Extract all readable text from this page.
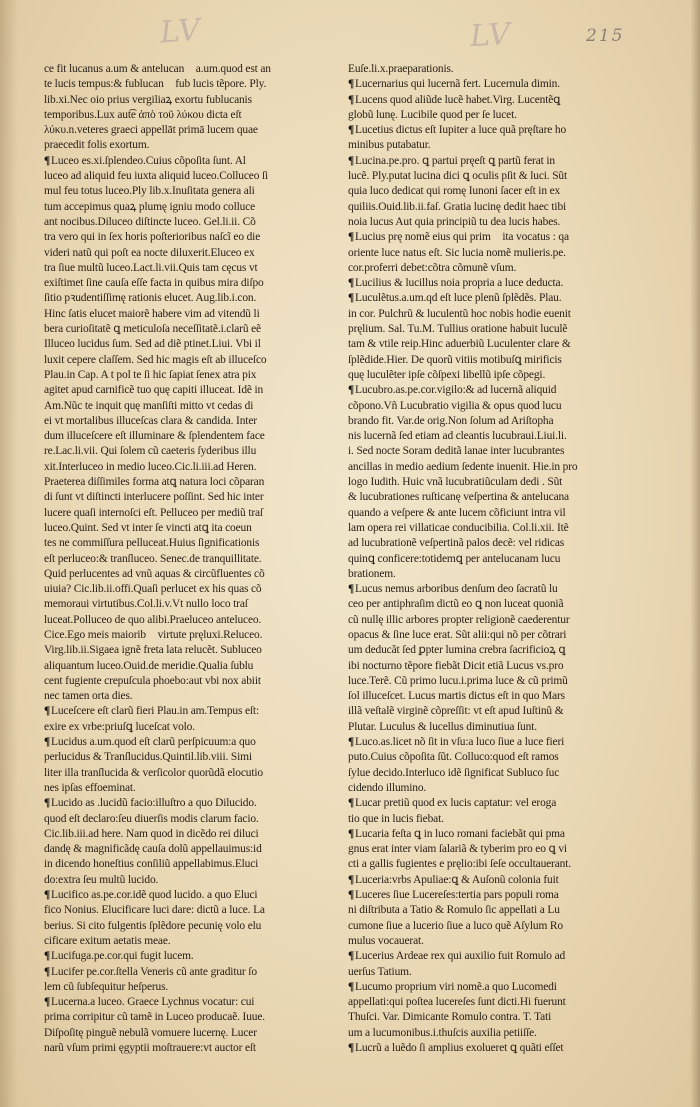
LV	LV	215
ce fit lucanus a.um & antelucan᷑ a.um.quod est an
te lucis tempus:& fublucan᷑ fub lucis tẽpore. Ply.
lib.xi.Nec oio prius vergiliaꝝ exortu fublucanis
temporibus.Lux aut͡e ἀπὸ τοῦ λύκου dicta eſt
λύκυ.n.veteres graeci appellāt primā lucem quae
praecedit folis exortum.
¶Luceo es.xi.ſplendeo.Cuius cõpoſita ſunt. Al
luceo ad aliquid feu iuxta aliquid luceo.Colluceo ſi
mul feu totus luceo.Ply lib.x.Inuſitata genera ali
tum accepimus quaꝝ plumę igniu modo colluce
ant nocibus.Diluceo diſtincte luceo. Gel.li.ii. Cõ
tra vero qui in ſex horis poſterioribus naſcĩ eo die
videri natũ qui poſt ea nocte diluxerit.Eluceo ex
tra ſiue multũ luceo.Lact.li.vii.Quis tam cęcus vt
exiſtimet ſine cauſa eſſe facta in quibus mira diſpo
ſitio pꝛudentiſſimę rationis elucet. Aug.lib.i.con.
Hinc ſatis elucet maiorẽ habere vim ad vitendũ li
bera curioſitatẽ ꝗ meticuloſa neceſſitatẽ.i.clarũ eẽ
Illuceo lucidus ſum. Sed ad diẽ ptinet.Liui. Vbi il
luxit cepere claſſem. Sed hic magis eſt ab illuceſco
Plau.in Cap. A t pol te ſi hic ſapiat ſenex atra pix
agitet apud carnificẽ tuo quę capiti illuceat. Idẽ in
Am.Nũc te inquit quę manſiſti mitto vt cedas di
ei vt mortalibus illuceſcas clara & candida. Inter
dum illuceſcere eſt illuminare & ſplendentem face
re.Lac.li.vii. Qui ſolem cũ caeteris ſyderibus illu
xit.Interluceo in medio luceo.Cic.li.iii.ad Heren.
Praeterea diſſimiles forma atꝗ natura loci cõparan
di ſunt vt diſtincti interlucere poſſint. Sed hic inter
lucere quaſi internoſci eſt. Pelluceo per mediũ traſ
luceo.Quint. Sed vt inter ſe vincti atꝗ ita coeun
tes ne commiſſura pelluceat.Huius ſignificationis
eſt perluceo:& tranſluceo. Senec.de tranquillitate.
Quid perlucentes ad vnũ aquas & circũfluentes cõ
uiuia? Cic.lib.ii.offi.Quaſi perlucet ex his quas cõ
memoraui virtutibus.Col.li.v.Vt nullo loco traſ
luceat.Polluceo de quo alibi.Praeluceo anteluceo.
Cice.Ego meis maiorib᷑ virtute pręluxi.Reluceo.
Virg.lib.ii.Sigaea ignẽ freta lata relucẽt. Subluceo
aliquantum luceo.Ouid.de meridie.Qualia ſublu
cent fugiente crepuſcula phoebo:aut vbi nox abiit
nec tamen orta dies.
¶Luceſcere eſt clarũ fieri Plau.in am.Tempus eſt:
exire ex vrbe:priuſꝗ luceſcat volo.
¶Lucidus a.um.quod eſt clarũ perſpicuum:a quo
perlucidus & Tranſlucidus.Quintil.lib.viii. Simi
liter illa tranſlucida & verſicolor quorũdã elocutio
nes ipſas effoeminat.
¶Lucido as .lucidũ facio:illuſtro a quo Dilucido.
quod eſt declaro:ſeu diuerſis modis clarum facio.
Cic.lib.iii.ad here. Nam quod in dicẽdo rei diluci
dandę & magnificãdę cauſa dolũ appellauimus:id
in dicendo honeſtius conſiliũ appellabimus.Eluci
do:extra ſeu multũ lucido.
¶Lucifico as.pe.cor.idẽ quod lucido. a quo Eluci
fico Nonius. Elucificare luci dare: dictũ a luce. La
berius. Si cito fulgentis ſplẽdore pecunię volo elu
cificare exitum aetatis meae.
¶Lucifuga.pe.cor.qui fugit lucem.
¶Lucifer pe.cor.ſtella Veneris cũ ante graditur ſo
lem cũ ſubſequitur heſperus.
¶Lucerna.a luceo. Graece Lychnus vocatur: cui᷑
prima corripitur cũ tamẽ in Luceo producaẽ. Iuue.
Diſpoſitę pinguẽ nebulã vomuere lucernę. Lucer
narũ vſum primi ęgyptii moſtrauere:vt auctor eſt
Euſe.li.x.praeparationis.
¶Lucernarius qui lucernã fert. Lucernula dimin.
¶Lucens quod aliũde lucẽ habet.Virg. Lucentẽꝗ
globũ lunę. Lucibile quod per ſe lucet.
¶Lucetius dictus eſt Iupiter a luce quã pręſtare ho
minibus putabatur.
¶Lucina.pe.pro. ꝗ partui pręeſt ꝗ partũ ferat in
lucẽ. Ply.putat lucina dici ꝗ oculis pſit & luci. Sũt
quia luco dedicat qui romę Iunoni ſacer eſt in ex
quiliis.Ouid.lib.ii.faſ. Gratia lucinę dedit haec tibi
noia lucus Aut quia principiũ tu dea lucis habes.
¶Lucius prę nomẽ eius qui prim᷑ ita vocatus : qa
oriente luce natus eſt. Sic lucia nomẽ mulieris.pe.
cor.proferri debet:cõtra cõmunẽ vſum.
¶Lucilius & lucillus noia propria a luce deducta.
¶Luculẽtus.a.um.qd eſt luce plenũ ſplẽdẽs. Plau.
in cor. Pulchrũ & luculentũ hoc nobis hodie euenit
pręlium. Sal. Tu.M. Tullius oratione habuit luculẽ
tam & vtile reip.Hinc aduerbiũ Luculenter clare &
ſplẽdide.Hier. De quorũ vitiis motibuſꝗ mirificis
quę luculẽter ipſe cõſpexi libellũ ipſe cõpegi.
¶Lucubro.as.pe.cor.vigilo:& ad lucernã aliquid
cõpono.Vñ Lucubratio vigilia & opus quod lucu
brando fit. Var.de orig.Non ſolum ad Ariſtopha
nis lucernã ſed etiam ad cleantis lucubraui.Liui.li.
i. Sed nocte Soram deditã lanae inter lucubrantes
ancillas in medio aedium ſedente inuenit. Hie.in pro
logo Iudith. Huic vnã lucubratiũculam dedi . Sũt
& lucubrationes ruſticanę veſpertina & antelucana
quando a veſpere & ante lucem cõficiunt intra vil
lam opera rei villaticae conducibilia. Col.li.xii. Itẽ
ad lucubrationẽ veſpertinã palos decẽ: vel ridicas
quinꝗ conficere:totidemꝗ per antelucanam lucu
brationem.
¶Lucus nemus arboribus denſum deo ſacratũ lu
ceo per antiphraſim dictũ eo ꝗ non luceat quoniã
cũ nullę illic arbores propter religionẽ caederentur
opacus & ſine luce erat. Sũt alii:qui nõ per cõtrari
um deducãt ſed ꝑpter lumina crebra ſacrificioꝝ ꝗ
ibi nocturno tẽpore fiebãt Dicit etiã Lucus vs.pro
luce.Terẽ. Cũ primo lucu.i.prima luce & cũ primũ
ſol illuceſcet. Lucus martis dictus eſt in quo Mars
illã veſtalẽ virginẽ cõpreſſit: vt eſt apud Iuſtinũ &
Plutar. Luculus & lucellus diminutiua ſunt.
¶Luco.as.licet nõ ſit in vſu:a luco ſiue a luce fieri
puto.Cuius cõpoſita ſũt. Colluco:quod eſt ramos
ſylue decido.Interluco idẽ ſignificat Subluco ſuc
cidendo illumino.
¶Lucar pretiũ quod ex lucis captatur: vel eroga
tio que in lucis fiebat.
¶Lucaria feſta ꝗ in luco romani faciebãt qui pma
gnus erat inter viam ſalariã & tyberim pro eo ꝗ vi
cti a gallis fugientes e pręlio:ibi ſeſe occultauerant.
¶Luceria:vrbs Apuliae:ꝗ & Auſonũ colonia fuit
¶Luceres ſiue Lucereſes:tertia pars populi roma
ni diſtributa a Tatio & Romulo ſic appellati a Lu
cumone ſiue a lucerio ſiue a luco quẽ Aſylum Ro
mulus vocauerat.
¶Lucerius Ardeae rex qui auxilio fuit Romulo ad
uerſus Tatium.
¶Lucumo proprium viri nomẽ.a quo Lucomedi
appellati:qui poſtea lucereſes ſunt dicti.Hi fuerunt
Thuſci. Var. Dimicante Romulo contra. T. Tati
um a lucumonibus.i.thuſcis auxilia petiiſſe.
¶Lucrũ a luẽdo ſi amplius exolueret ꝗ quãti eſſet
